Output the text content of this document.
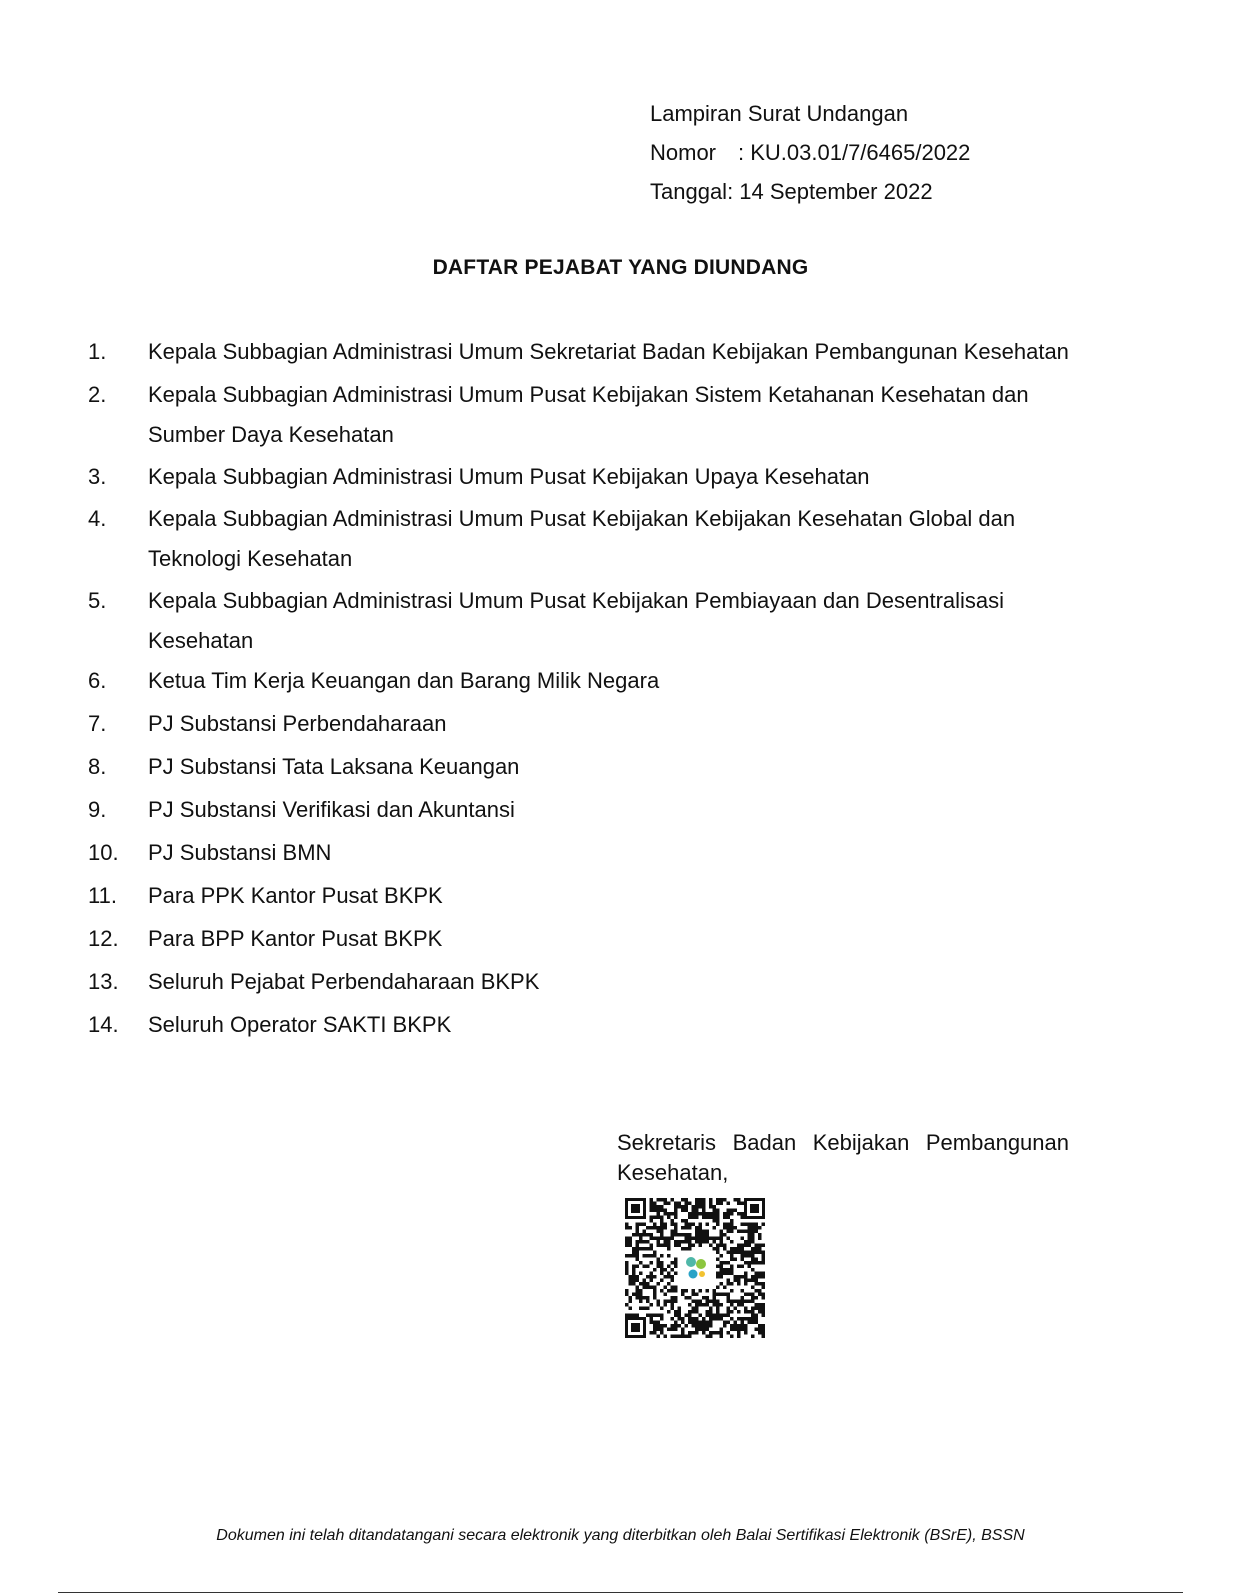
Lampiran Surat Undangan
Nomor : KU.03.01/7/6465/2022
Tanggal: 14 September 2022
DAFTAR PEJABAT YANG DIUNDANG
1.	Kepala Subbagian Administrasi Umum Sekretariat Badan Kebijakan Pembangunan Kesehatan
2.	Kepala Subbagian Administrasi Umum Pusat Kebijakan Sistem Ketahanan Kesehatan dan Sumber Daya Kesehatan
3.	Kepala Subbagian Administrasi Umum Pusat Kebijakan Upaya Kesehatan
4.	Kepala Subbagian Administrasi Umum Pusat Kebijakan Kebijakan Kesehatan Global dan Teknologi Kesehatan
5.	Kepala Subbagian Administrasi Umum Pusat Kebijakan Pembiayaan dan Desentralisasi Kesehatan
6.	Ketua Tim Kerja Keuangan dan Barang Milik Negara
7.	PJ Substansi Perbendaharaan
8.	PJ Substansi Tata Laksana Keuangan
9.	PJ Substansi Verifikasi dan Akuntansi
10.	PJ Substansi BMN
11.	Para PPK Kantor Pusat BKPK
12.	Para BPP Kantor Pusat BKPK
13.	Seluruh Pejabat Perbendaharaan BKPK
14.	Seluruh Operator SAKTI BKPK
Sekretaris Badan Kebijakan Pembangunan Kesehatan,
Dokumen ini telah ditandatangani secara elektronik yang diterbitkan oleh Balai Sertifikasi Elektronik (BSrE), BSSN
